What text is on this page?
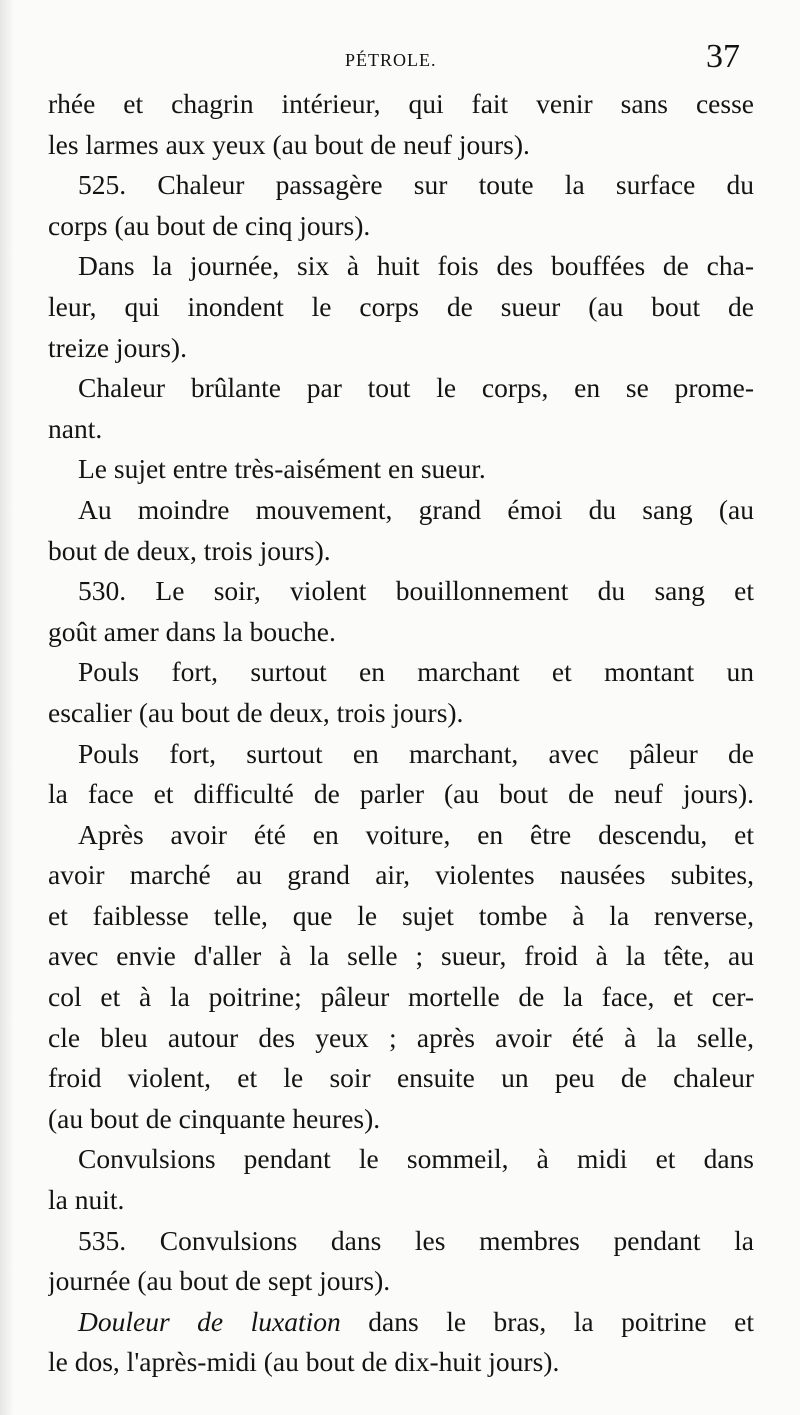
PÉTROLE.	37
rhée et chagrin intérieur, qui fait venir sans cesse
les larmes aux yeux (au bout de neuf jours).
525. Chaleur passagère sur toute la surface du
corps (au bout de cinq jours).
Dans la journée, six à huit fois des bouffées de cha-
leur, qui inondent le corps de sueur (au bout de
treize jours).
Chaleur brûlante par tout le corps, en se prome-
nant.
Le sujet entre très-aisément en sueur.
Au moindre mouvement, grand émoi du sang (au
bout de deux, trois jours).
530. Le soir, violent bouillonnement du sang et
goût amer dans la bouche.
Pouls fort, surtout en marchant et montant un
escalier (au bout de deux, trois jours).
Pouls fort, surtout en marchant, avec pâleur de
la face et difficulté de parler (au bout de neuf jours).
Après avoir été en voiture, en être descendu, et
avoir marché au grand air, violentes nausées subites,
et faiblesse telle, que le sujet tombe à la renverse,
avec envie d'aller à la selle ; sueur, froid à la tête, au
col et à la poitrine; pâleur mortelle de la face, et cer-
cle bleu autour des yeux ; après avoir été à la selle,
froid violent, et le soir ensuite un peu de chaleur
(au bout de cinquante heures).
Convulsions pendant le sommeil, à midi et dans
la nuit.
535. Convulsions dans les membres pendant la
journée (au bout de sept jours).
Douleur de luxation dans le bras, la poitrine et
le dos, l'après-midi (au bout de dix-huit jours).
